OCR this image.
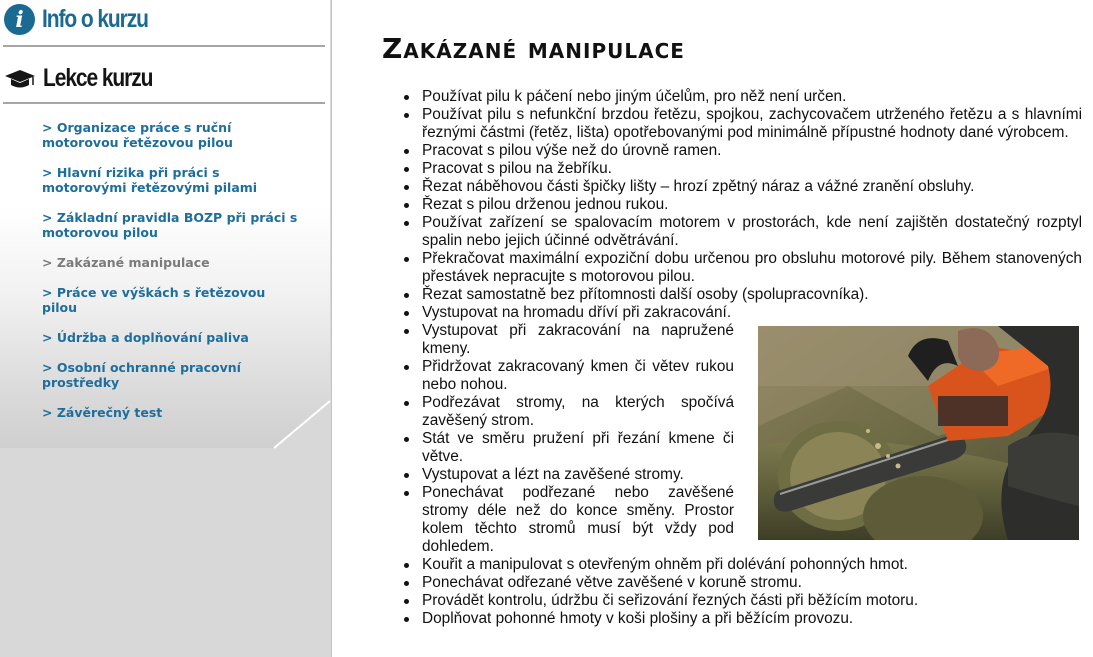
i Info o kurzu
Lekce kurzu
> Organizace práce s ruční motorovou řetězovou pilou
> Hlavní rizika při práci s motorovými řetězovými pilami
> Základní pravidla BOZP při práci s motorovou pilou
> Zakázané manipulace
> Práce ve výškách s řetězovou pilou
> Údržba a doplňování paliva
> Osobní ochranné pracovní prostředky
> Závěrečný test
Zakázané manipulace
Používat pilu k páčení nebo jiným účelům, pro něž není určen.
Používat pilu s nefunkční brzdou řetězu, spojkou, zachycovačem utrženého řetězu a s hlavními řeznými částmi (řetěz, lišta) opotřebovanými pod minimálně přípustné hodnoty dané výrobcem.
Pracovat s pilou výše než do úrovně ramen.
Pracovat s pilou na žebříku.
Řezat náběhovou části špičky lišty – hrozí zpětný náraz a vážné zranění obsluhy.
Řezat s pilou drženou jednou rukou.
Používat zařízení se spalovacím motorem v prostorách, kde není zajištěn dostatečný rozptyl spalin nebo jejich účinné odvětrávání.
Překračovat maximální expoziční dobu určenou pro obsluhu motorové pily. Během stanovených přestávek nepracujte s motorovou pilou.
Řezat samostatně bez přítomnosti další osoby (spolupracovníka).
Vystupovat na hromadu dříví při zakracování.
Vystupovat při zakracování na napružené kmeny.
Přidržovat zakracovaný kmen či větev rukou nebo nohou.
Podřezávat stromy, na kterých spočívá zavěšený strom.
Stát ve směru pružení při řezání kmene či větve.
Vystupovat a lézt na zavěšené stromy.
Ponechávat podřezané nebo zavěšené stromy déle než do konce směny. Prostor kolem těchto stromů musí být vždy pod dohledem.
Kouřit a manipulovat s otevřeným ohněm při dolévání pohonných hmot.
Ponechávat odřezané větve zavěšené v koruně stromu.
Provádět kontrolu, údržbu či seřizování řezných části při běžícím motoru.
Doplňovat pohonné hmoty v koši plošiny a při běžícím provozu.
